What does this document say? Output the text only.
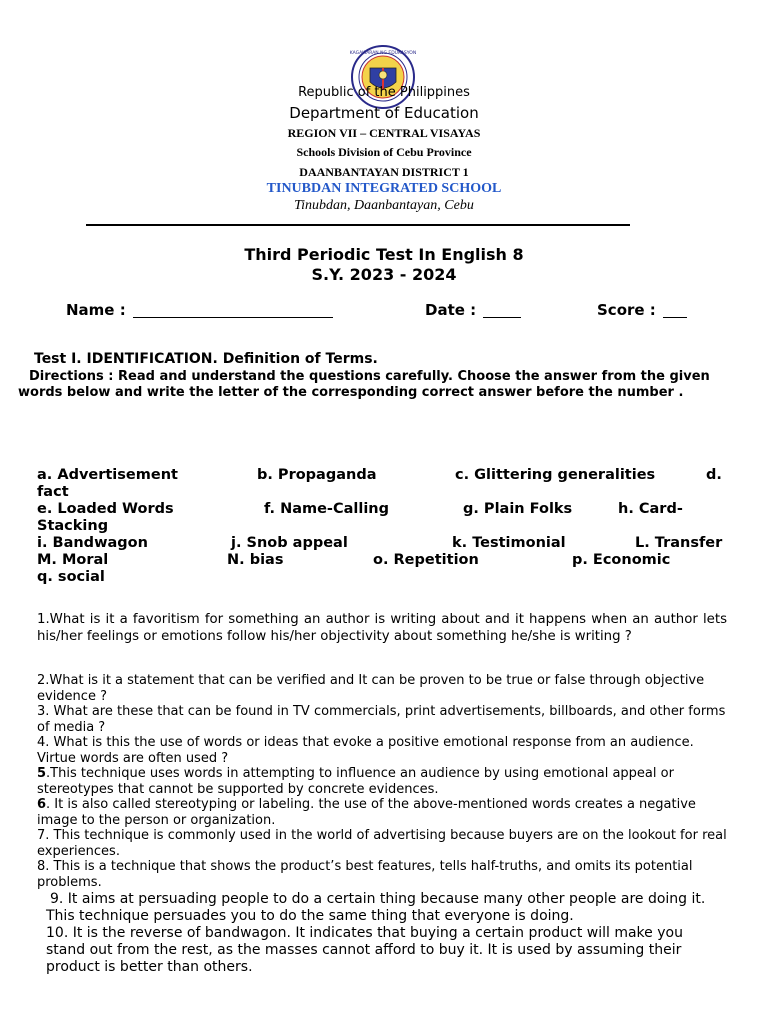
KAGAWARAN NG EDUKASYON
Republic of the Philippines
Department of Education
REGION VII – CENTRAL VISAYAS
Schools Division of Cebu Province
DAANBANTAYAN DISTRICT 1
TINUBDAN INTEGRATED SCHOOL
Tinubdan, Daanbantayan, Cebu
Third Periodic Test In English 8
S.Y. 2023 - 2024
Name :	Date :	Score :
Test I. IDENTIFICATION. Definition of Terms.
Directions : Read and understand the questions carefully. Choose the answer from the given words below and write the letter of the corresponding correct answer before the number .
a. Advertisement	b. Propaganda	c. Glittering generalities	d.
fact
e. Loaded Words	f. Name-Calling	g. Plain Folks	h. Card-
Stacking
i. Bandwagon	j. Snob appeal	k. Testimonial	L. Transfer
M. Moral	N. bias	o. Repetition	p. Economic
q. social
1.What is it a favoritism for something an author is writing about and it happens when an author lets his/her feelings or emotions follow his/her objectivity about something he/she is writing ?
2.What is it a statement that can be verified and It can be proven to be true or false through objective evidence ?
3. What are these that can be found in TV commercials, print advertisements, billboards, and other forms of media ?
4. What is this the use of words or ideas that evoke a positive emotional response from an audience. Virtue words are often used ?
5.This technique uses words in attempting to influence an audience by using emotional appeal or stereotypes that cannot be supported by concrete evidences.
6. It is also called stereotyping or labeling. the use of the above-mentioned words creates a negative image to the person or organization.
7. This technique is commonly used in the world of advertising because buyers are on the lookout for real experiences.
8. This is a technique that shows the product’s best features, tells half-truths, and omits its potential problems.
9. It aims at persuading people to do a certain thing because many other people are doing it. This technique persuades you to do the same thing that everyone is doing.
10. It is the reverse of bandwagon. It indicates that buying a certain product will make you stand out from the rest, as the masses cannot afford to buy it. It is used by assuming their product is better than others.
